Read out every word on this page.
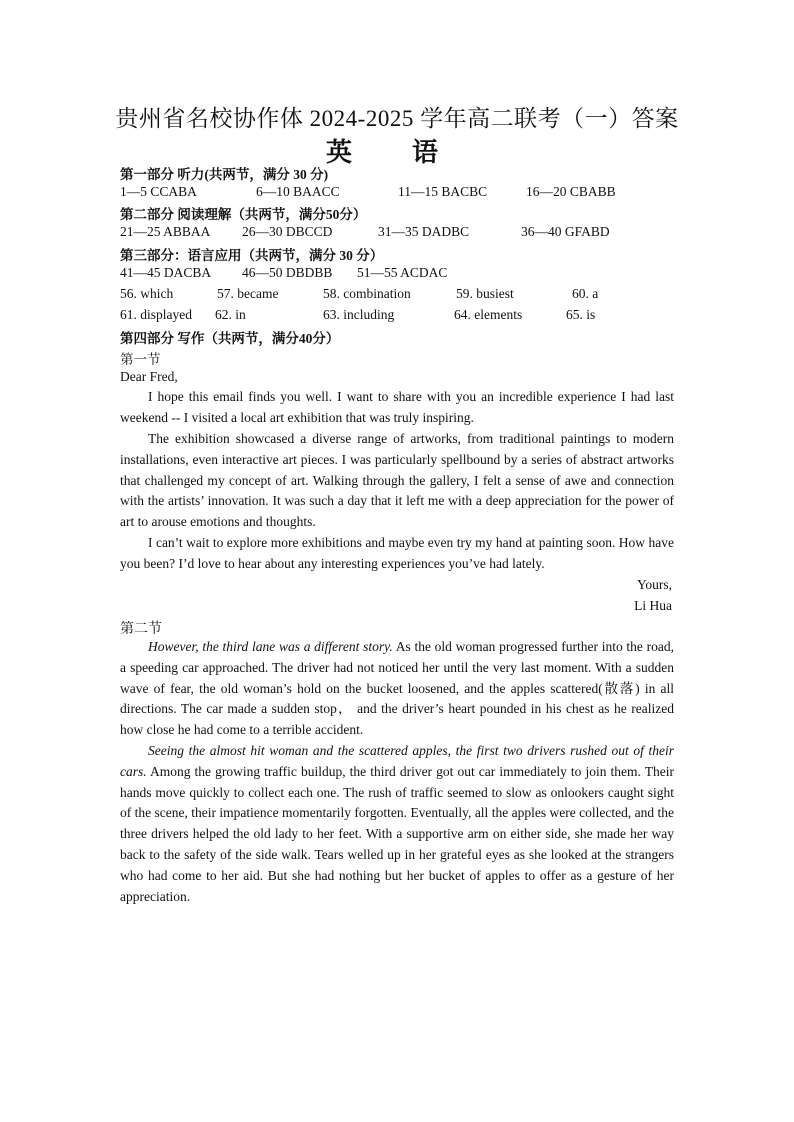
贵州省名校协作体 2024-2025 学年高二联考（一）答案
英语
第一部分 听力(共两节，满分 30 分)
1—5 CCABA	6—10 BAACC	11—15 BACBC	16—20 CBABB
第二部分 阅读理解（共两节，满分50分）
21—25 ABBAA 26—30 DBCCD	31—35 DADBC	36—40 GFABD
第三部分：语言应用（共两节，满分 30 分）
41—45 DACBA 46—50 DBDBB 51—55 ACDAC
56. which	57. became	58. combination	59. busiest	60. a
61. displayed 62. in	63. including	64. elements	65. is
第四部分 写作（共两节，满分40分）
第一节
Dear Fred,
I hope this email finds you well. I want to share with you an incredible experience I had last weekend -- I visited a local art exhibition that was truly inspiring.
The exhibition showcased a diverse range of artworks, from traditional paintings to modern installations, even interactive art pieces. I was particularly spellbound by a series of abstract artworks that challenged my concept of art. Walking through the gallery, I felt a sense of awe and connection with the artists’ innovation. It was such a day that it left me with a deep appreciation for the power of art to arouse emotions and thoughts.
I can’t wait to explore more exhibitions and maybe even try my hand at painting soon. How have you been? I’d love to hear about any interesting experiences you’ve had lately.
Yours,
Li Hua
第二节
However, the third lane was a different story. As the old woman progressed further into the road, a speeding car approached. The driver had not noticed her until the very last moment. With a sudden wave of fear, the old woman’s hold on the bucket loosened, and the apples scattered(散落) in all directions. The car made a sudden stop， and the driver’s heart pounded in his chest as he realized how close he had come to a terrible accident.
Seeing the almost hit woman and the scattered apples, the first two drivers rushed out of their cars. Among the growing traffic buildup, the third driver got out car immediately to join them. Their hands move quickly to collect each one. The rush of traffic seemed to slow as onlookers caught sight of the scene, their impatience momentarily forgotten. Eventually, all the apples were collected, and the three drivers helped the old lady to her feet. With a supportive arm on either side, she made her way back to the safety of the side walk. Tears welled up in her grateful eyes as she looked at the strangers who had come to her aid. But she had nothing but her bucket of apples to offer as a gesture of her appreciation.
